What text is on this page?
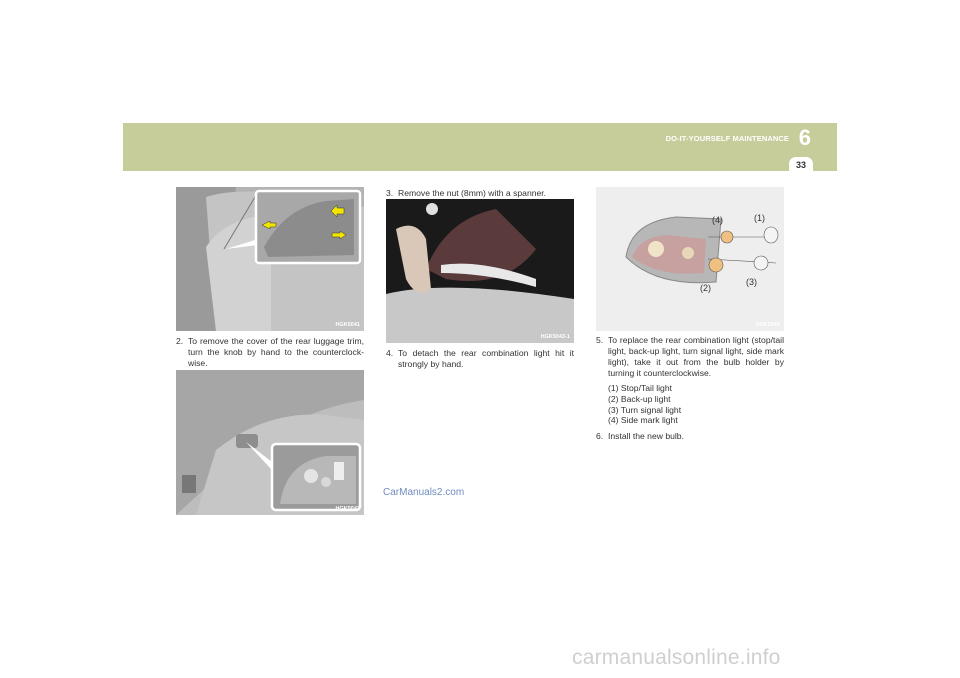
DO-IT-YOURSELF MAINTENANCE 6
33
HGK5041
2. To remove the cover of the rear luggage trim, turn the knob by hand to the counterclock-wise.
HGK5042
3. Remove the nut (8mm) with a spanner.
HGK5043-1
4. To detach the rear combination light hit it strongly by hand.
(4)	(1)
(3)
(2)
HGK5044
5. To replace the rear combination light (stop/tail light, back-up light, turn signal light, side mark light), take it out from the bulb holder by turning it counterclockwise.
(1) Stop/Tail light
(2) Back-up light
(3) Turn signal light
(4) Side mark light
6. Install the new bulb.
CarManuals2.com
carmanualsonline.info
